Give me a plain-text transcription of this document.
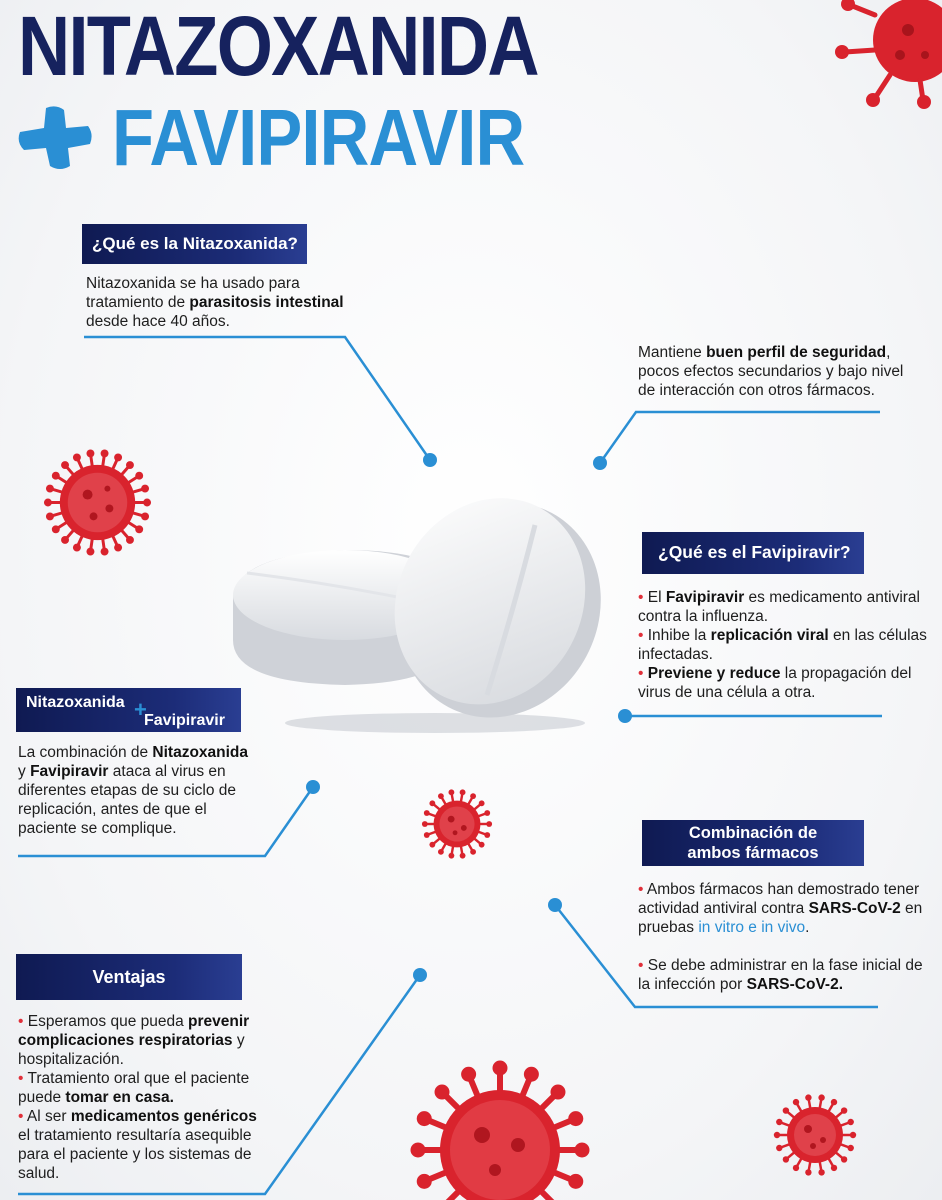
NITAZOXANIDA
FAVIPIRAVIR
¿Qué es la Nitazoxanida?
Nitazoxanida se ha usado para
tratamiento de parasitosis intestinal
desde hace 40 años.
Mantiene buen perfil de seguridad,
pocos efectos secundarios y bajo nivel
de interacción con otros fármacos.
¿Qué es el Favipiravir?
• El Favipiravir es medicamento antiviral
contra la influenza.
• Inhibe la replicación viral en las células
infectadas.
• Previene y reduce la propagación del
virus de una célula a otra.
Nitazoxanida +
Favipiravir
La combinación de Nitazoxanida
y Favipiravir ataca al virus en
diferentes etapas de su ciclo de
replicación, antes de que el
paciente se complique.	Combinación de
ambos fármacos
• Ambos fármacos han demostrado tener
actividad antiviral contra SARS-CoV-2 en
pruebas in vitro e in vivo.
• Se debe administrar en la fase inicial de
la infección por SARS-CoV-2.
Ventajas
• Esperamos que pueda prevenir
complicaciones respiratorias y
hospitalización.
• Tratamiento oral que el paciente
puede tomar en casa.
• Al ser medicamentos genéricos
el tratamiento resultaría asequible
para el paciente y los sistemas de
salud.
